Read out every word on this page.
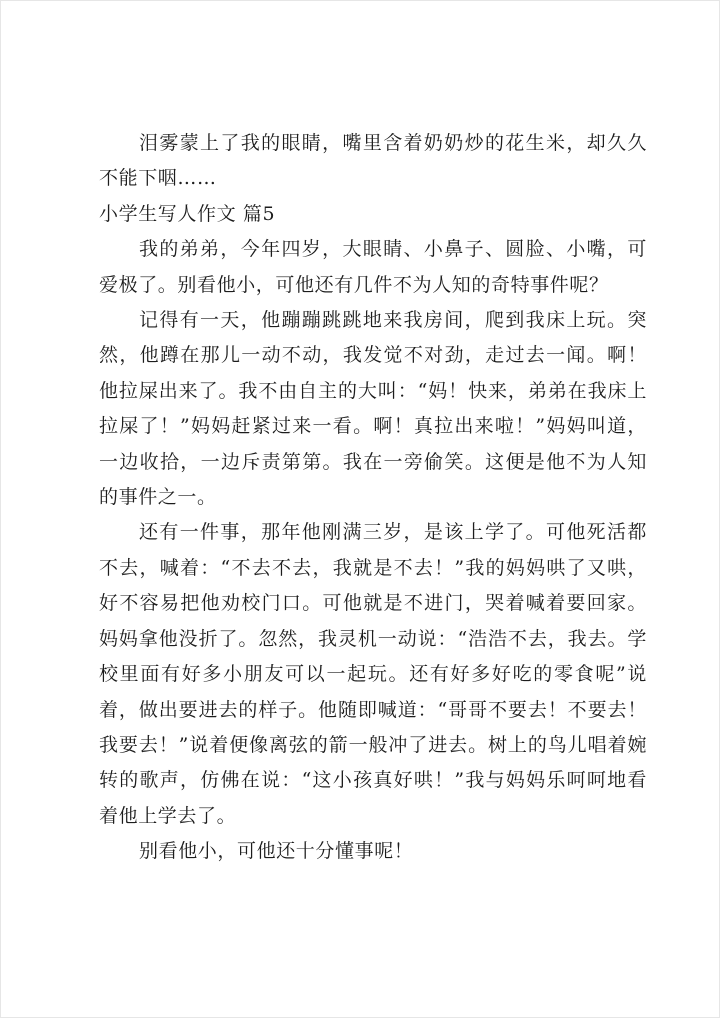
泪雾蒙上了我的眼睛，嘴里含着奶奶炒的花生米，却久久不能下咽……

小学生写人作文 篇5

我的弟弟，今年四岁，大眼睛、小鼻子、圆脸、小嘴，可爱极了。别看他小，可他还有几件不为人知的奇特事件呢？

记得有一天，他蹦蹦跳跳地来我房间，爬到我床上玩。突然，他蹲在那儿一动不动，我发觉不对劲，走过去一闻。啊！他拉屎出来了。我不由自主的大叫：“妈！快来，弟弟在我床上拉屎了！”妈妈赶紧过来一看。啊！真拉出来啦！”妈妈叫道，一边收拾，一边斥责第第。我在一旁偷笑。这便是他不为人知的事件之一。

还有一件事，那年他刚满三岁，是该上学了。可他死活都不去，喊着：“不去不去，我就是不去！”我的妈妈哄了又哄，好不容易把他劝校门口。可他就是不进门，哭着喊着要回家。妈妈拿他没折了。忽然，我灵机一动说：“浩浩不去，我去。学校里面有好多小朋友可以一起玩。还有好多好吃的零食呢”说着，做出要进去的样子。他随即喊道：“哥哥不要去！不要去！我要去！”说着便像离弦的箭一般冲了进去。树上的鸟儿唱着婉转的歌声，仿佛在说：“这小孩真好哄！”我与妈妈乐呵呵地看着他上学去了。

别看他小，可他还十分懂事呢！
